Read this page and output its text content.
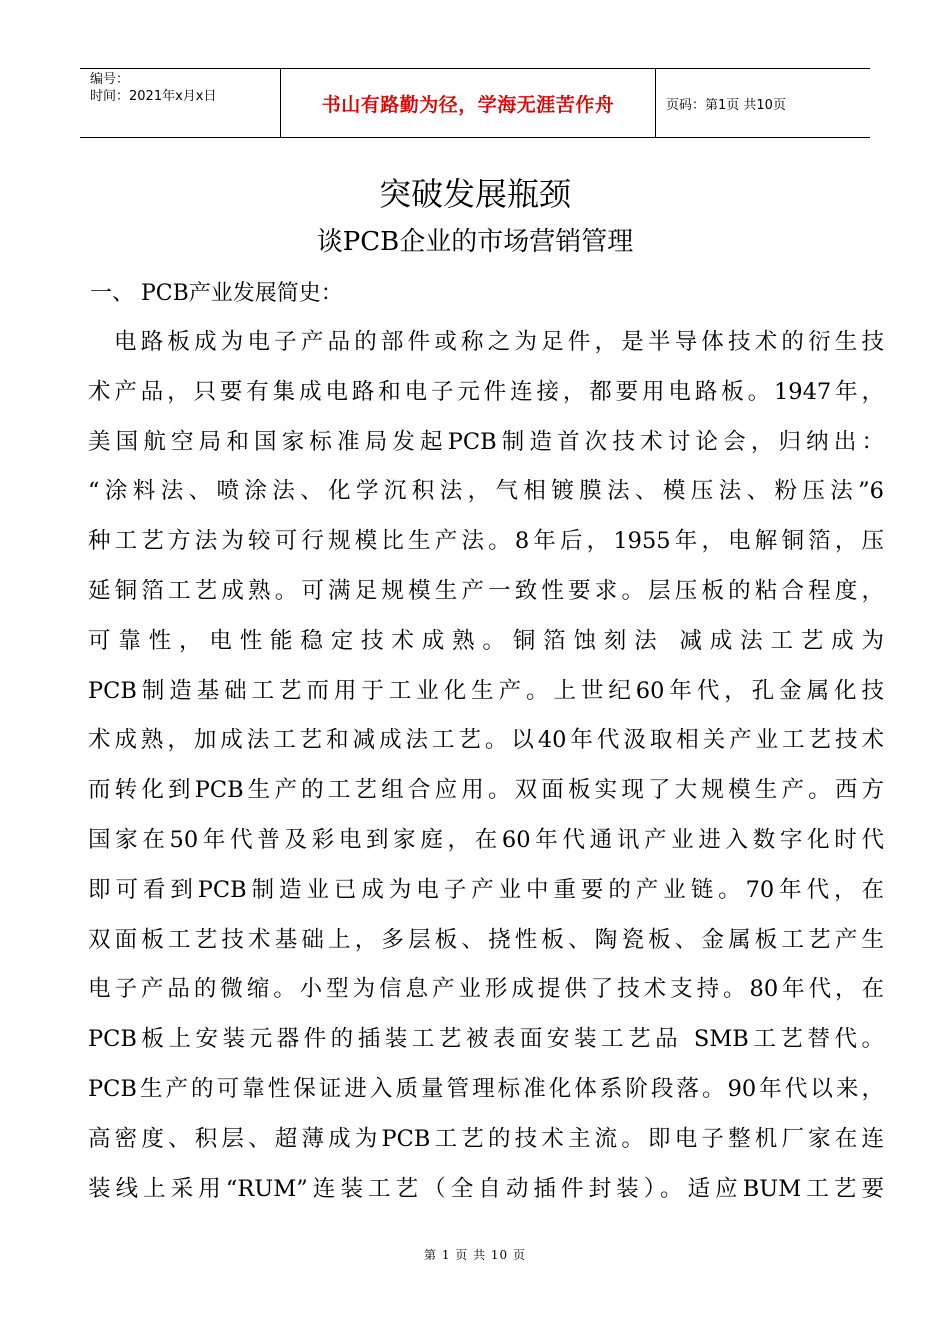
编号：
时间：2021年x月x日	书山有路勤为径，学海无涯苦作舟	页码：第1页 共10页
突破发展瓶颈
谈PCB企业的市场营销管理
一、 PCB产业发展简史：
电路板成为电子产品的部件或称之为足件，是半导体技术的衍生技
术产品，只要有集成电路和电子元件连接，都要用电路板。1947年，
美国航空局和国家标准局发起PCB制造首次技术讨论会，归纳出：
“涂料法、喷涂法、化学沉积法，气相镀膜法、模压法、粉压法”6
种工艺方法为较可行规模比生产法。8年后，1955年，电解铜箔，压
延铜箔工艺成熟。可满足规模生产一致性要求。层压板的粘合程度，
可靠性，电性能稳定技术成熟。铜箔蚀刻法 减成法工艺成为
PCB制造基础工艺而用于工业化生产。上世纪60年代，孔金属化技
术成熟，加成法工艺和减成法工艺。以40年代汲取相关产业工艺技术
而转化到PCB生产的工艺组合应用。双面板实现了大规模生产。西方
国家在50年代普及彩电到家庭，在60年代通讯产业进入数字化时代
即可看到PCB制造业已成为电子产业中重要的产业链。70年代，在
双面板工艺技术基础上，多层板、挠性板、陶瓷板、金属板工艺产生
电子产品的微缩。小型为信息产业形成提供了技术支持。80年代，在
PCB板上安装元器件的插装工艺被表面安装工艺品 SMB工艺替代。
PCB生产的可靠性保证进入质量管理标准化体系阶段落。90年代以来，
高密度、积层、超薄成为PCB工艺的技术主流。即电子整机厂家在连
装线上采用“RUM”连装工艺（全自动插件封装）。适应BUM工艺要
第 1 页 共 10 页
